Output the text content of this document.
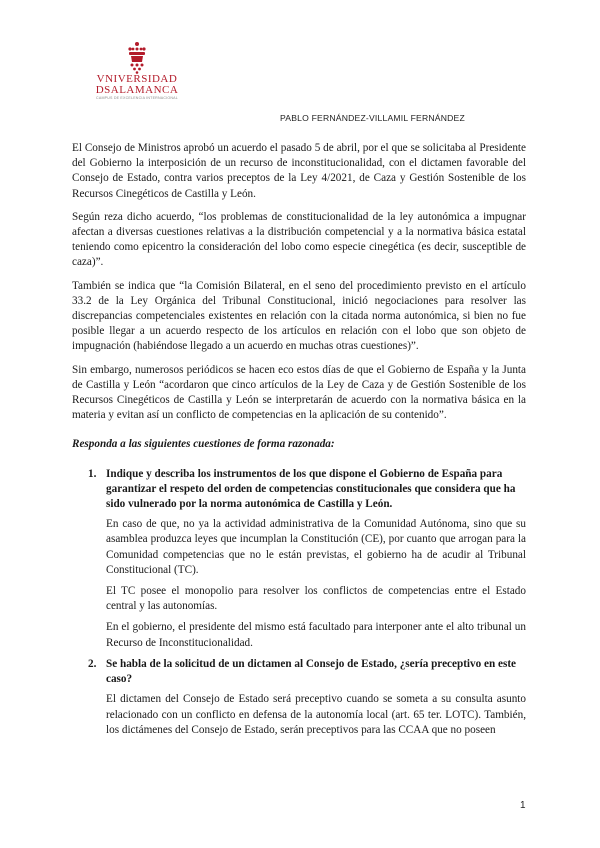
VNIVERSIDAD
DSALAMANCA
CAMPUS DE EXCELENCIA INTERNACIONAL
PABLO FERNÁNDEZ-VILLAMIL FERNÁNDEZ

El Consejo de Ministros aprobó un acuerdo el pasado 5 de abril, por el que se solicitaba al Presidente del Gobierno la interposición de un recurso de inconstitucionalidad, con el dictamen favorable del Consejo de Estado, contra varios preceptos de la Ley 4/2021, de Caza y Gestión Sostenible de los Recursos Cinegéticos de Castilla y León.

Según reza dicho acuerdo, “los problemas de constitucionalidad de la ley autonómica a impugnar afectan a diversas cuestiones relativas a la distribución competencial y a la normativa básica estatal teniendo como epicentro la consideración del lobo como especie cinegética (es decir, susceptible de caza)”.

También se indica que “la Comisión Bilateral, en el seno del procedimiento previsto en el artículo 33.2 de la Ley Orgánica del Tribunal Constitucional, inició negociaciones para resolver las discrepancias competenciales existentes en relación con la citada norma autonómica, si bien no fue posible llegar a un acuerdo respecto de los artículos en relación con el lobo que son objeto de impugnación (habiéndose llegado a un acuerdo en muchas otras cuestiones)”.

Sin embargo, numerosos periódicos se hacen eco estos días de que el Gobierno de España y la Junta de Castilla y León “acordaron que cinco artículos de la Ley de Caza y de Gestión Sostenible de los Recursos Cinegéticos de Castilla y León se interpretarán de acuerdo con la normativa básica en la materia y evitan así un conflicto de competencias en la aplicación de su contenido”.

Responda a las siguientes cuestiones de forma razonada:
1. Indique y describa los instrumentos de los que dispone el Gobierno de España para garantizar el respeto del orden de competencias constitucionales que considera que ha sido vulnerado por la norma autonómica de Castilla y León.

En caso de que, no ya la actividad administrativa de la Comunidad Autónoma, sino que su asamblea produzca leyes que incumplan la Constitución (CE), por cuanto que arrogan para la Comunidad competencias que no le están previstas, el gobierno ha de acudir al Tribunal Constitucional (TC).

El TC posee el monopolio para resolver los conflictos de competencias entre el Estado central y las autonomías.

En el gobierno, el presidente del mismo está facultado para interponer ante el alto tribunal un Recurso de Inconstitucionalidad.

2. Se habla de la solicitud de un dictamen al Consejo de Estado, ¿sería preceptivo en este caso?

El dictamen del Consejo de Estado será preceptivo cuando se someta a su consulta asunto relacionado con un conflicto en defensa de la autonomía local (art. 65 ter. LOTC). También, los dictámenes del Consejo de Estado, serán preceptivos para las CCAA que no poseen

1
